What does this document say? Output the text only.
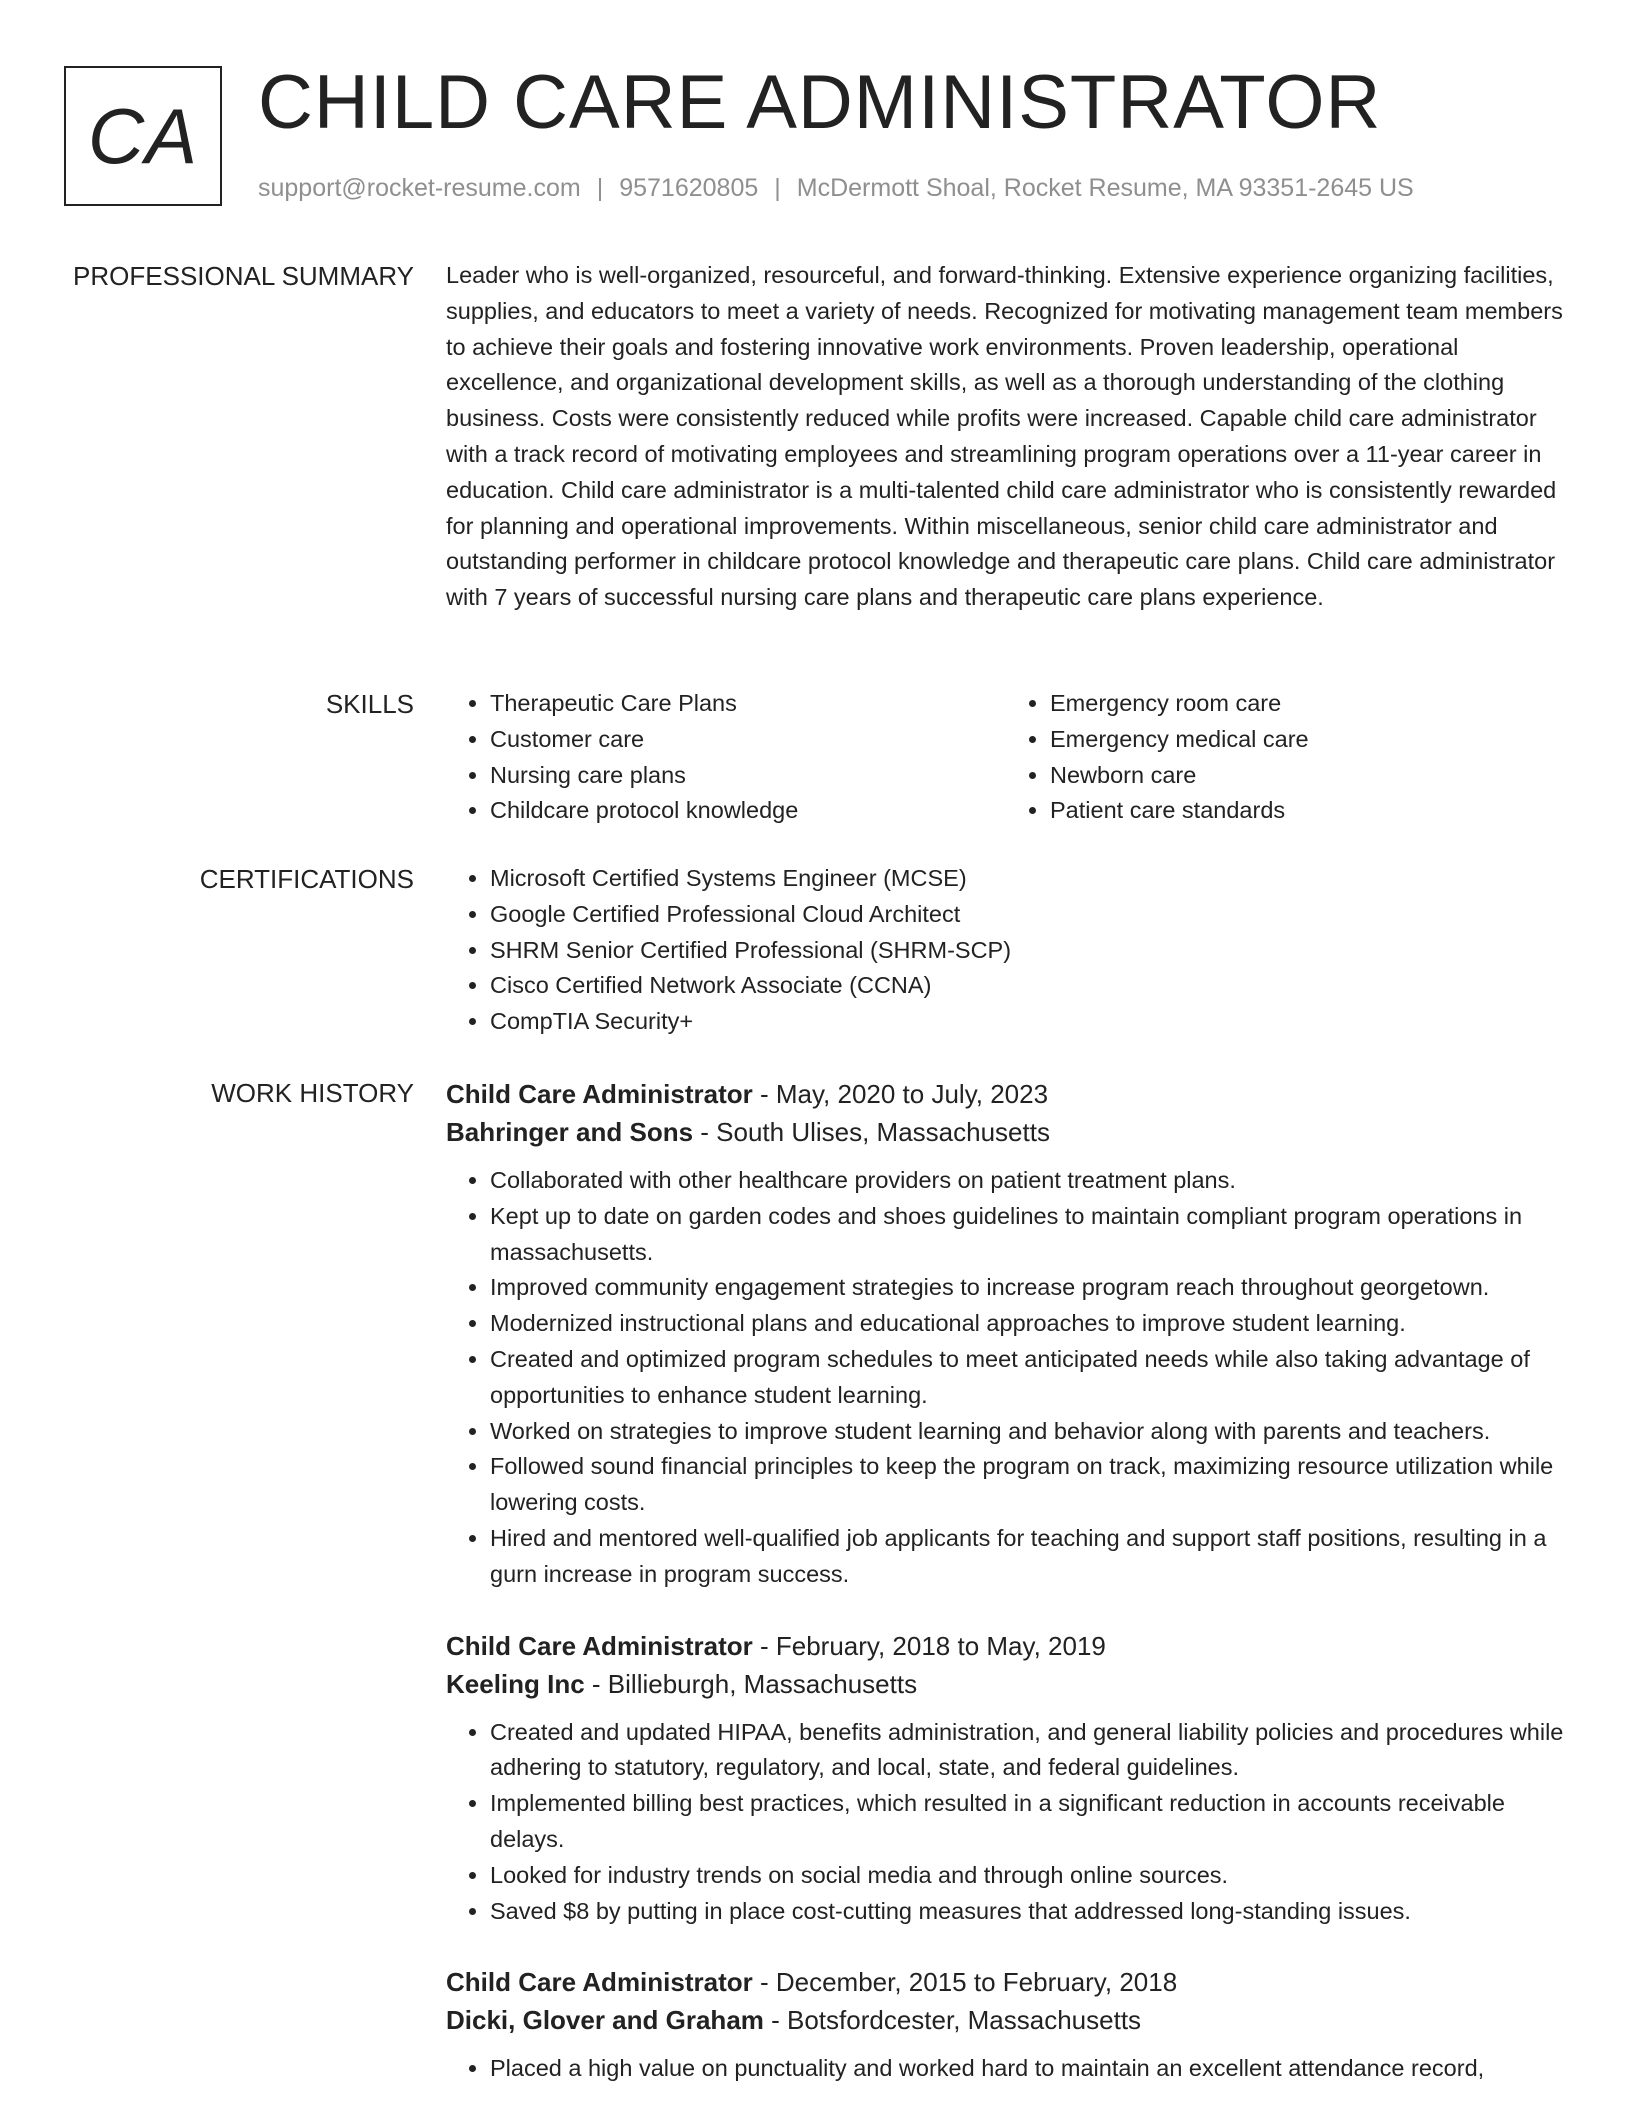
CA CHILD CARE ADMINISTRATOR
support@rocket-resume.com | 9571620805 | McDermott Shoal, Rocket Resume, MA 93351-2645 US
PROFESSIONAL SUMMARY Leader who is well-organized, resourceful, and forward-thinking. Extensive experience organizing facilities, supplies, and educators to meet a variety of needs. Recognized for motivating management team members to achieve their goals and fostering innovative work environments. Proven leadership, operational excellence, and organizational development skills, as well as a thorough understanding of the clothing business. Costs were consistently reduced while profits were increased. Capable child care administrator with a track record of motivating employees and streamlining program operations over a 11-year career in education. Child care administrator is a multi-talented child care administrator who is consistently rewarded for planning and operational improvements. Within miscellaneous, senior child care administrator and outstanding performer in childcare protocol knowledge and therapeutic care plans. Child care administrator with 7 years of successful nursing care plans and therapeutic care plans experience.
SKILLS	• Therapeutic Care Plans
• Customer care
• Nursing care plans
• Childcare protocol knowledge
• Emergency room care
• Emergency medical care
• Newborn care
• Patient care standards
CERTIFICATIONS	• Microsoft Certified Systems Engineer (MCSE)
• Google Certified Professional Cloud Architect
• SHRM Senior Certified Professional (SHRM-SCP)
• Cisco Certified Network Associate (CCNA)
• CompTIA Security+
WORK HISTORY Child Care Administrator - May, 2020 to July, 2023
Bahringer and Sons - South Ulises, Massachusetts
• Collaborated with other healthcare providers on patient treatment plans.
• Kept up to date on garden codes and shoes guidelines to maintain compliant program operations in massachusetts.
• Improved community engagement strategies to increase program reach throughout georgetown.
• Modernized instructional plans and educational approaches to improve student learning.
• Created and optimized program schedules to meet anticipated needs while also taking advantage of opportunities to enhance student learning.
• Worked on strategies to improve student learning and behavior along with parents and teachers.
• Followed sound financial principles to keep the program on track, maximizing resource utilization while lowering costs.
• Hired and mentored well-qualified job applicants for teaching and support staff positions, resulting in a gurn increase in program success.
Child Care Administrator - February, 2018 to May, 2019
Keeling Inc - Billieburgh, Massachusetts
• Created and updated HIPAA, benefits administration, and general liability policies and procedures while adhering to statutory, regulatory, and local, state, and federal guidelines.
• Implemented billing best practices, which resulted in a significant reduction in accounts receivable delays.
• Looked for industry trends on social media and through online sources.
• Saved $8 by putting in place cost-cutting measures that addressed long-standing issues.
Child Care Administrator - December, 2015 to February, 2018
Dicki, Glover and Graham - Botsfordcester, Massachusetts
• Placed a high value on punctuality and worked hard to maintain an excellent attendance record,
